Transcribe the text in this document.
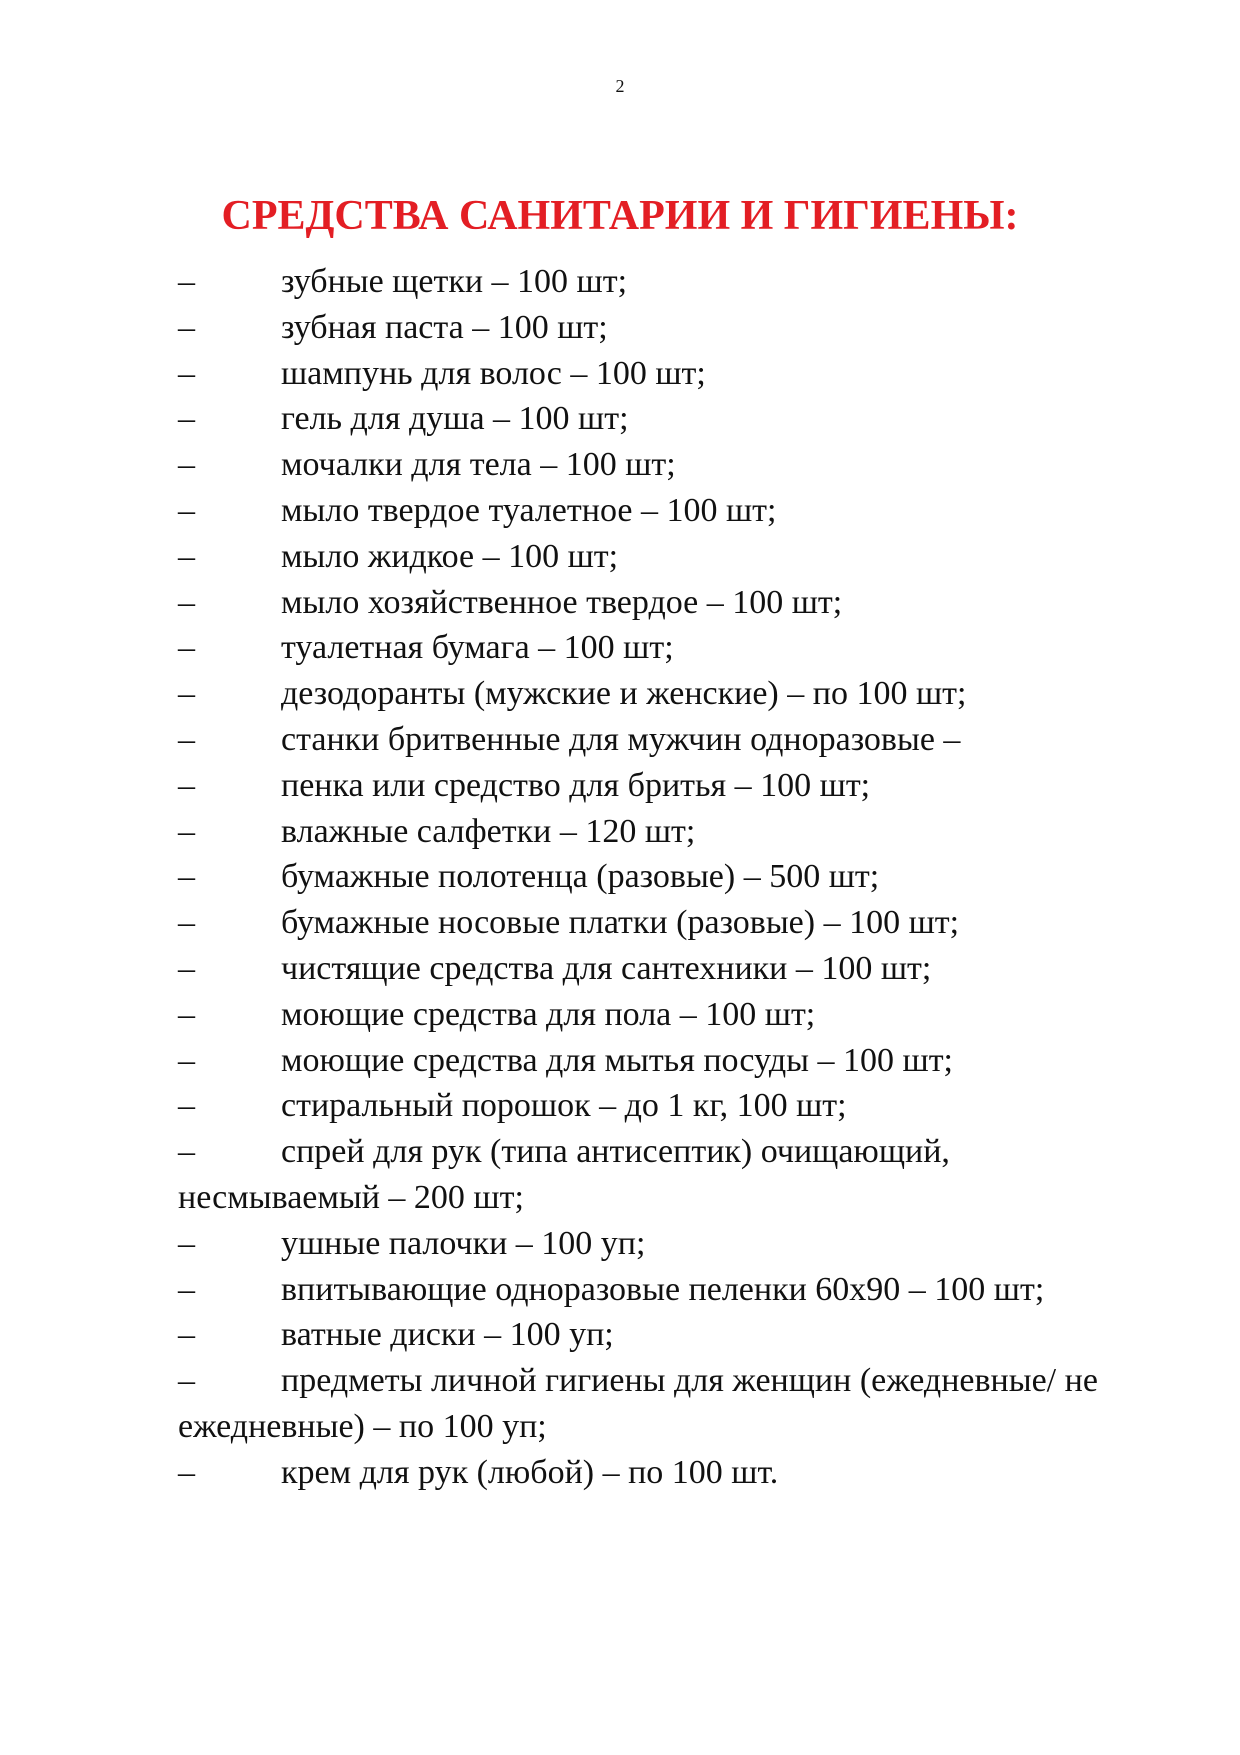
2
СРЕДСТВА САНИТАРИИ И ГИГИЕНЫ:
–	зубные щетки – 100 шт;
–	зубная паста – 100 шт;
–	шампунь для волос – 100 шт;
–	гель для душа – 100 шт;
–	мочалки для тела – 100 шт;
–	мыло твердое туалетное – 100 шт;
–	мыло жидкое – 100 шт;
–	мыло хозяйственное твердое – 100 шт;
–	туалетная бумага – 100 шт;
–	дезодоранты (мужские и женские) – по 100 шт;
–	станки бритвенные для мужчин одноразовые –
–	пенка или средство для бритья – 100 шт;
–	влажные салфетки – 120 шт;
–	бумажные полотенца (разовые) – 500 шт;
–	бумажные носовые платки (разовые) – 100 шт;
–	чистящие средства для сантехники – 100 шт;
–	моющие средства для пола – 100 шт;
–	моющие средства для мытья посуды – 100 шт;
–	стиральный порошок – до 1 кг, 100 шт;
–	спрей для рук (типа антисептик) очищающий, несмываемый – 200 шт;
–	ушные палочки – 100 уп;
–	впитывающие одноразовые пеленки 60х90 – 100 шт;
–	ватные диски – 100 уп;
–	предметы личной гигиены для женщин (ежедневные/ не ежедневные) – по 100 уп;
–	крем для рук (любой) – по 100 шт.
